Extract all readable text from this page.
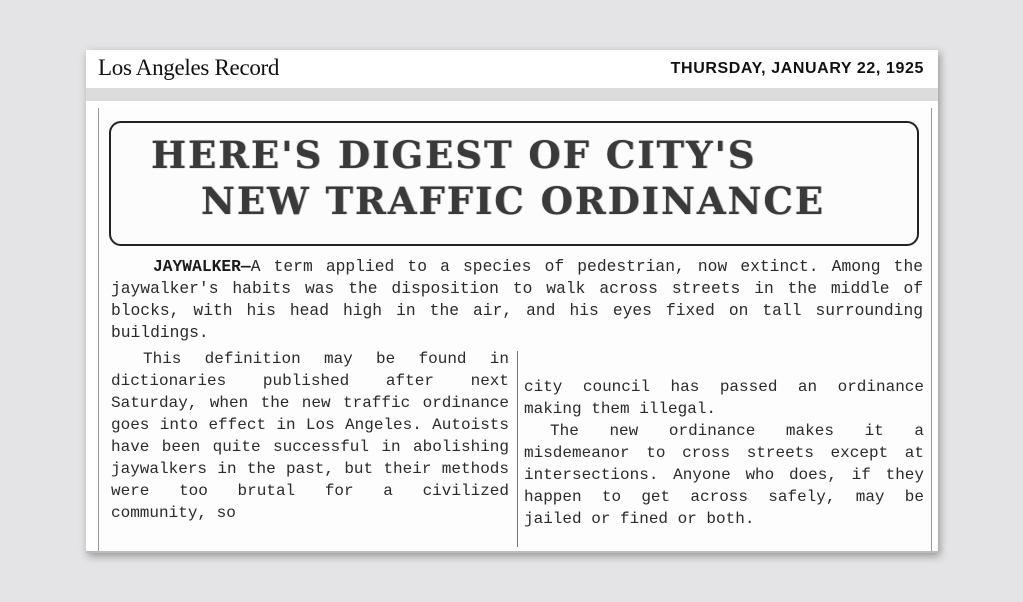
Los Angeles Record	THURSDAY, JANUARY 22, 1925
HERE'S DIGEST OF CITY'S
NEW TRAFFIC ORDINANCE

JAYWALKER—A term applied to a species of pedestrian, now extinct. Among the jaywalker's habits was the disposition to walk across streets in the middle of blocks, with his head high in the air, and his eyes fixed on tall surrounding buildings.

This definition may be found in dictionaries published after next Saturday, when the new traffic ordinance goes into effect in Los Angeles. Autoists have been quite successful in abolishing jaywalkers in the past, but their methods were too brutal for a civilized community, so

city council has passed an ordinance making them illegal.

The new ordinance makes it a misdemeanor to cross streets except at intersections. Anyone who does, if they happen to get across safely, may be jailed or fined or both.
